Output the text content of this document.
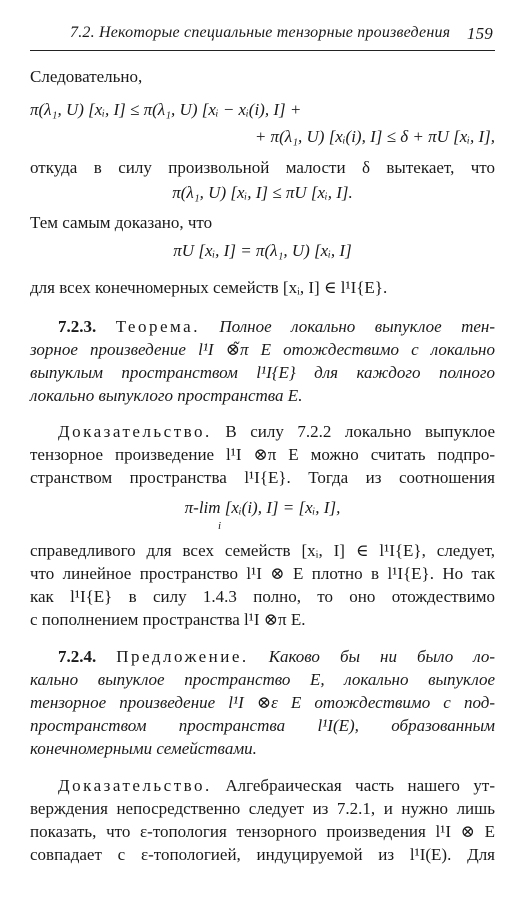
7.2. Некоторые специальные тензорные произведения 159
Следовательно,
π(λ₁, U) [xᵢ, I] ≤ π(λ₁, U) [xᵢ − xᵢ(i), I] +
+ π(λ₁, U) [xᵢ(i), I] ≤ δ + πU [xᵢ, I],
откуда в силу произвольной малости δ вытекает, что
π(λ₁, U) [xᵢ, I] ≤ πU [xᵢ, I].
Тем самым доказано, что
πU [xᵢ, I] = π(λ₁, U) [xᵢ, I]
для всех конечномерных семейств [xᵢ, I] ∈ l¹I{E}.
7.2.3. Теорема. Полное локально выпуклое тен-
зорное произведение l¹I ⊗̃π E отождествимо с локально
выпуклым пространством l¹I{E} для каждого полного
локально выпуклого пространства E.
Доказательство. В силу 7.2.2 локально выпуклое
тензорное произведение l¹I ⊗π E можно считать подпро-
странством пространства l¹I{E}. Тогда из соотношения
π-lim [xᵢ(i), I] = [xᵢ, I],
i
справедливого для всех семейств [xᵢ, I] ∈ l¹I{E}, следует,
что линейное пространство l¹I ⊗ E плотно в l¹I{E}. Но так
как l¹I{E} в силу 1.4.3 полно, то оно отождествимо
с пополнением пространства l¹I ⊗π E.
7.2.4. Предложение. Каково бы ни было ло-
кально выпуклое пространство E, локально выпуклое
тензорное произведение l¹I ⊗ε E отождествимо с под-
пространством пространства l¹I(E), образованным
конечномерными семействами.
Доказательство. Алгебраическая часть нашего ут-
верждения непосредственно следует из 7.2.1, и нужно лишь
показать, что ε-топология тензорного произведения l¹I ⊗ E
совпадает с ε-топологией, индуцируемой из l¹I(E). Для
